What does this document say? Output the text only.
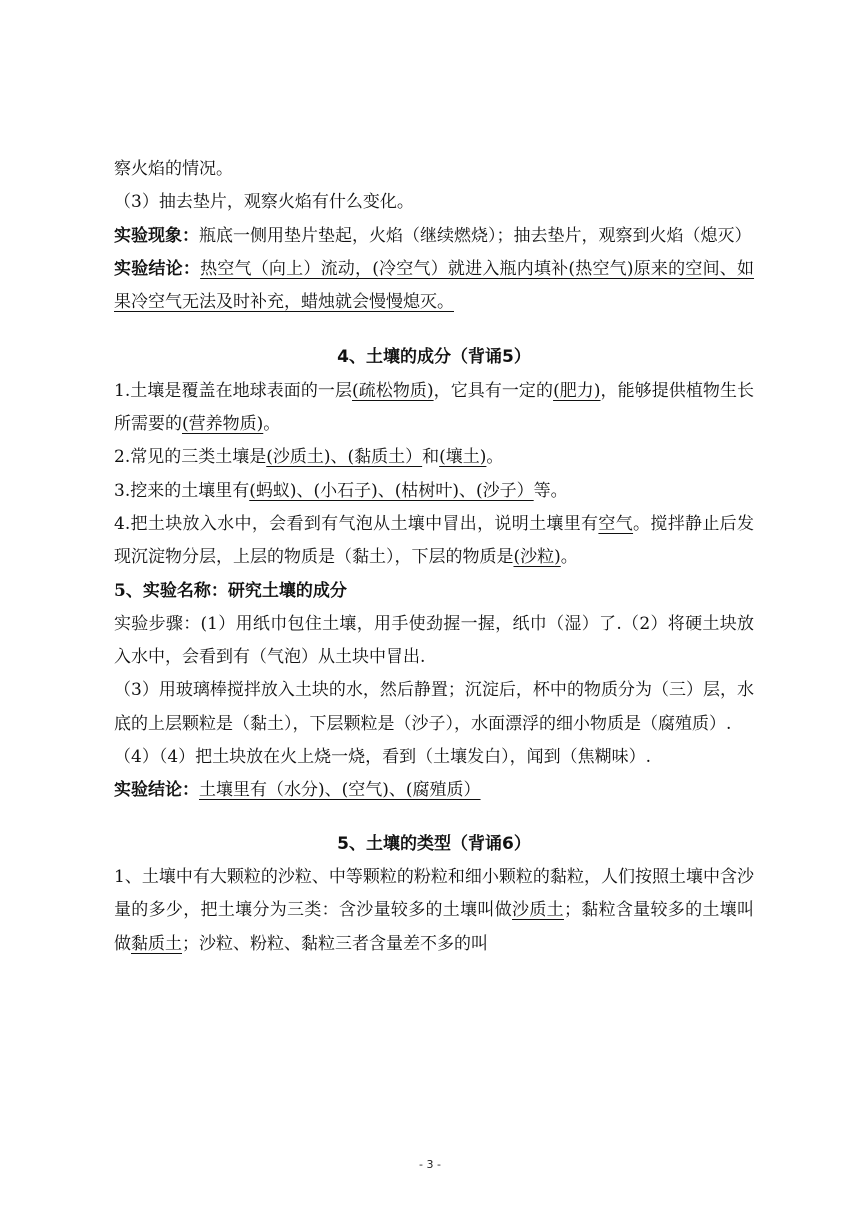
察火焰的情况。

（3）抽去垫片，观察火焰有什么变化。

实验现象：瓶底一侧用垫片垫起，火焰（继续燃烧）；抽去垫片，观察到火焰（熄灭）

实验结论：热空气（向上）流动，(冷空气）就进入瓶内填补(热空气)原来的空间、如果冷空气无法及时补充，蜡烛就会慢慢熄灭。

4、土壤的成分（背诵5）

1.土壤是覆盖在地球表面的一层(疏松物质)，它具有一定的(肥力)，能够提供植物生长所需要的(营养物质)。

2.常见的三类土壤是(沙质土)、(黏质土）和(壤土)。

3.挖来的土壤里有(蚂蚁)、(小石子)、(枯树叶)、(沙子）等。

4.把土块放入水中，会看到有气泡从土壤中冒出，说明土壤里有空气。搅拌静止后发现沉淀物分层，上层的物质是（黏土），下层的物质是(沙粒)。

5、实验名称：研究土壤的成分

实验步骤：(1）用纸巾包住土壤，用手使劲握一握，纸巾（湿）了.（2）将硬土块放入水中，会看到有（气泡）从土块中冒出.

（3）用玻璃棒搅拌放入土块的水，然后静置；沉淀后，杯中的物质分为（三）层，水底的上层颗粒是（黏土），下层颗粒是（沙子），水面漂浮的细小物质是（腐殖质）.

（4）（4）把土块放在火上烧一烧，看到（土壤发白），闻到（焦糊味）.

实验结论：土壤里有（水分)、(空气)、(腐殖质）

5、土壤的类型（背诵6）

1、土壤中有大颗粒的沙粒、中等颗粒的粉粒和细小颗粒的黏粒，人们按照土壤中含沙量的多少，把土壤分为三类：含沙量较多的土壤叫做沙质土；黏粒含量较多的土壤叫做黏质土；沙粒、粉粒、黏粒三者含量差不多的叫

- 3 -
